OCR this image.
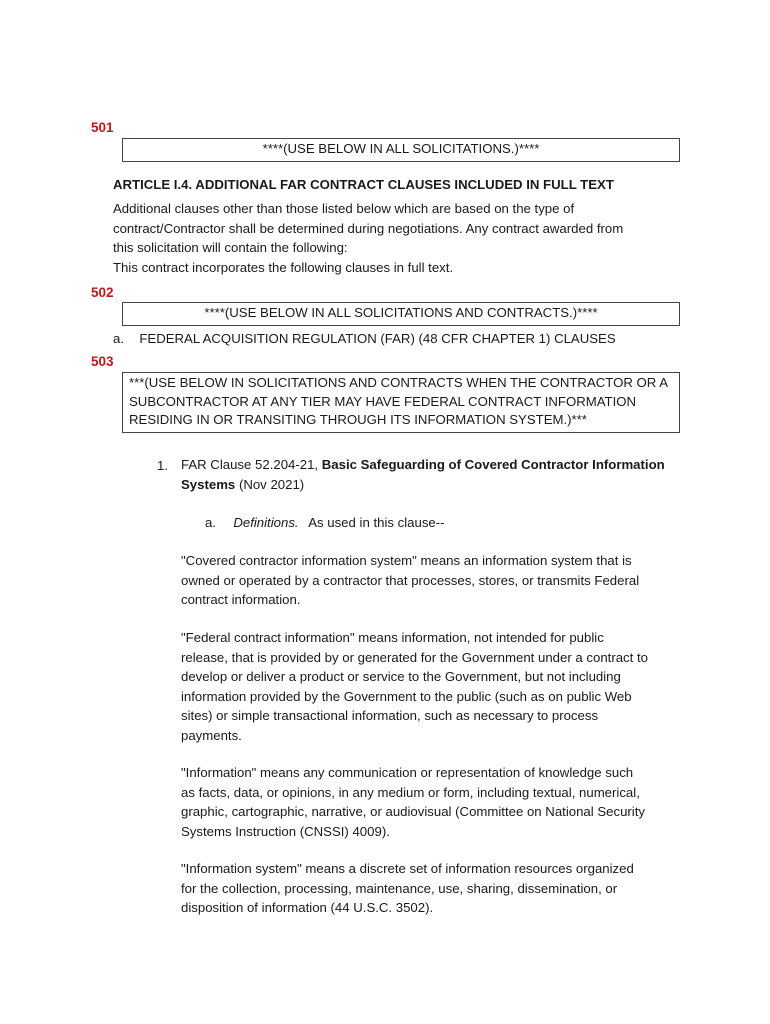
501
****(USE BELOW IN ALL SOLICITATIONS.)****
ARTICLE I.4. ADDITIONAL FAR CONTRACT CLAUSES INCLUDED IN FULL TEXT
Additional clauses other than those listed below which are based on the type of
contract/Contractor shall be determined during negotiations. Any contract awarded from
this solicitation will contain the following:
This contract incorporates the following clauses in full text.
502
****(USE BELOW IN ALL SOLICITATIONS AND CONTRACTS.)****
a. FEDERAL ACQUISITION REGULATION (FAR) (48 CFR CHAPTER 1) CLAUSES
503
***(USE BELOW IN SOLICITATIONS AND CONTRACTS WHEN THE CONTRACTOR OR A
SUBCONTRACTOR AT ANY TIER MAY HAVE FEDERAL CONTRACT INFORMATION
RESIDING IN OR TRANSITING THROUGH ITS INFORMATION SYSTEM.)***
1. FAR Clause 52.204-21, Basic Safeguarding of Covered Contractor Information
Systems (Nov 2021)
a. Definitions. As used in this clause--
"Covered contractor information system" means an information system that is
owned or operated by a contractor that processes, stores, or transmits Federal
contract information.
"Federal contract information" means information, not intended for public
release, that is provided by or generated for the Government under a contract to
develop or deliver a product or service to the Government, but not including
information provided by the Government to the public (such as on public Web
sites) or simple transactional information, such as necessary to process
payments.
"Information" means any communication or representation of knowledge such
as facts, data, or opinions, in any medium or form, including textual, numerical,
graphic, cartographic, narrative, or audiovisual (Committee on National Security
Systems Instruction (CNSSI) 4009).
"Information system" means a discrete set of information resources organized
for the collection, processing, maintenance, use, sharing, dissemination, or
disposition of information (44 U.S.C. 3502).
